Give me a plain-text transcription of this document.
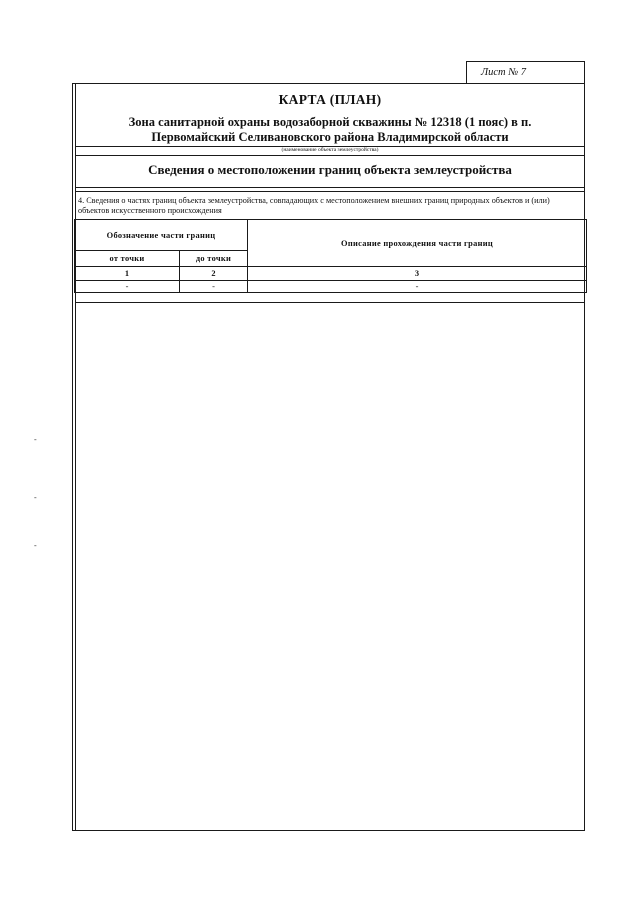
Лист № 7
КАРТА (ПЛАН)
Зона санитарной охраны водозаборной скважины № 12318 (1 пояс) в п.
Первомайский Селивановского района Владимирской области
(наименование объекта землеустройства)
Сведения о местоположении границ объекта землеустройства
4. Сведения о частях границ объекта землеустройства, совпадающих с местоположением внешних границ природных объектов и (или) объектов искусственного происхождения
Обозначение части границ		Описание прохождения части границ
от точки	до точки	
1	2	3
-	-	-
-
-
-
